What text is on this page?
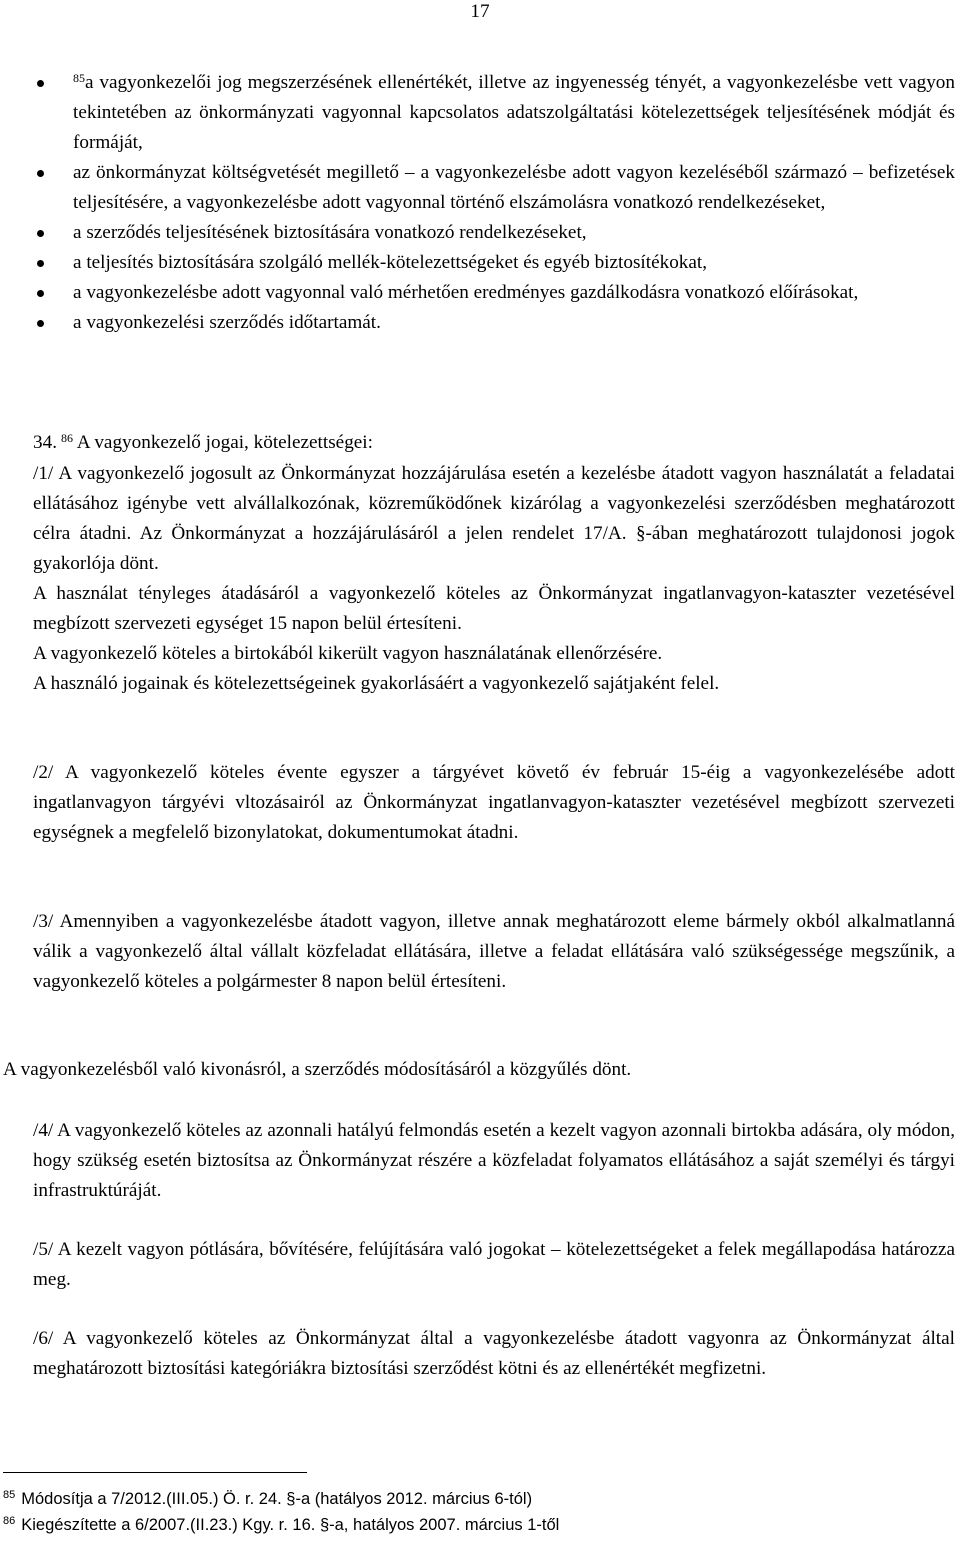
17
$^{85}$a vagyonkezelői jog megszerzésének ellenértékét, illetve az ingyenesség tényét, a vagyonkezelésbe vett vagyon tekintetében az önkormányzati vagyonnal kapcsolatos adatszolgáltatási kötelezettségek teljesítésének módját és formáját,
az önkormányzat költségvetését megillető – a vagyonkezelésbe adott vagyon kezeléséből származó – befizetések teljesítésére, a vagyonkezelésbe adott vagyonnal történő elszámolásra vonatkozó rendelkezéseket,
a szerződés teljesítésének biztosítására vonatkozó rendelkezéseket,
a teljesítés biztosítására szolgáló mellék-kötelezettségeket és egyéb biztosítékokat,
a vagyonkezelésbe adott vagyonnal való mérhetően eredményes gazdálkodásra vonatkozó előírásokat,
a vagyonkezelési szerződés időtartamát.
34. $^{86}$ A vagyonkezelő jogai, kötelezettségei:
/1/ A vagyonkezelő jogosult az Önkormányzat hozzájárulása esetén a kezelésbe átadott vagyon használatát a feladatai ellátásához igénybe vett alvállalkozónak, közreműködőnek kizárólag a vagyonkezelési szerződésben meghatározott célra átadni. Az Önkormányzat a hozzájárulásáról a jelen rendelet 17/A. §-ában meghatározott tulajdonosi jogok gyakorlója dönt.
A használat tényleges átadásáról a vagyonkezelő köteles az Önkormányzat ingatlanvagyon-kataszter vezetésével megbízott szervezeti egységet 15 napon belül értesíteni.
A vagyonkezelő köteles a birtokából kikerült vagyon használatának ellenőrzésére.
A használó jogainak és kötelezettségeinek gyakorlásáért a vagyonkezelő sajátjaként felel.
/2/ A vagyonkezelő köteles évente egyszer a tárgyévet követő év február 15-éig a vagyonkezelésébe adott ingatlanvagyon tárgyévi vltozásairól az Önkormányzat ingatlanvagyon-kataszter vezetésével megbízott szervezeti egységnek a megfelelő bizonylatokat, dokumentumokat átadni.
/3/ Amennyiben a vagyonkezelésbe átadott vagyon, illetve annak meghatározott eleme bármely okból alkalmatlanná válik a vagyonkezelő által vállalt közfeladat ellátására, illetve a feladat ellátására való szükségessége megszűnik, a vagyonkezelő köteles a polgármester 8 napon belül értesíteni.
A vagyonkezelésből való kivonásról, a szerződés módosításáról a közgyűlés dönt.
/4/ A vagyonkezelő köteles az azonnali hatályú felmondás esetén a kezelt vagyon azonnali birtokba adására, oly módon, hogy szükség esetén biztosítsa az Önkormányzat részére a közfeladat folyamatos ellátásához a saját személyi és tárgyi infrastruktúráját.
/5/ A kezelt vagyon pótlására, bővítésére, felújítására való jogokat – kötelezettségeket a felek megállapodása határozza meg.
/6/ A vagyonkezelő köteles az Önkormányzat által a vagyonkezelésbe átadott vagyonra az Önkormányzat által meghatározott biztosítási kategóriákra biztosítási szerződést kötni és az ellenértékét megfizetni.
$^{85}$ Módosítja a 7/2012.(III.05.) Ö. r. 24. §-a (hatályos 2012. március 6-tól)
$^{86}$ Kiegészítette a 6/2007.(II.23.) Kgy. r. 16. §-a, hatályos 2007. március 1-től
